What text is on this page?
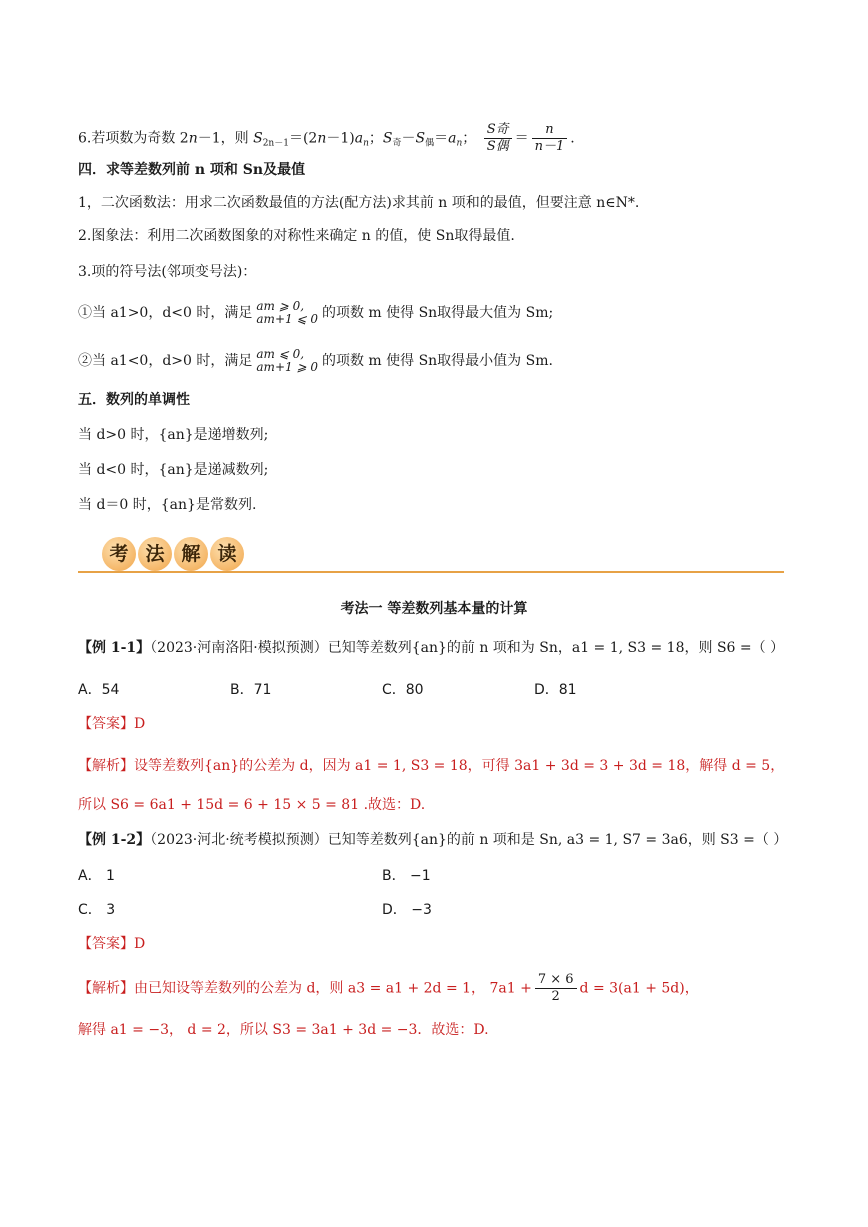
6.若项数为奇数 2n－1，则 $S_{2n-1}=(2n-1)a_n$；$S_奇-S_偶=a_n$； $\frac{\text{S奇}}{\text{S偶}} = \frac{n}{n-1}$ .
四．求等差数列前 n 项和 Sn及最值
1，二次函数法：用求二次函数最值的方法(配方法)求其前 n 项和的最值，但要注意 n∈N*.
2.图象法：利用二次函数图象的对称性来确定 n 的值，使 Sn取得最值.
3.项的符号法(邻项变号法)：
①当 a1>0，d<0 时，满足 am ⩾ 0,
am+1 ⩽ 0 的项数 m 使得 Sn取得最大值为 Sm;
②当 a1<0，d>0 时，满足 am ⩽ 0,
am+1 ⩾ 0 的项数 m 使得 Sn取得最小值为 Sm.
五．数列的单调性
当 d>0 时，{an}是递增数列;
当 d<0 时，{an}是递减数列;
当 d＝0 时，{an}是常数列.
考 法 解 读
考法一 等差数列基本量的计算
【例 1-1】（2023·河南洛阳·模拟预测）已知等差数列{an}的前 n 项和为 Sn，a1 = 1, S3 = 18，则 S6 =（ ）
A．54	B．71	C．80	D．81
【答案】D
【解析】设等差数列{an}的公差为 d，因为 a1 = 1, S3 = 18，可得 3a1 + 3d = 3 + 3d = 18，解得 d = 5，
所以 S6 = 6a1 + 15d = 6 + 15 × 5 = 81 .故选：D.
【例 1-2】（2023·河北·统考模拟预测）已知等差数列{an}的前 n 项和是 Sn, a3 = 1, S7 = 3a6，则 S3 =（ ）
A． 1	B． −1
C． 3	D． −3
【答案】D
【解析】由已知设等差数列的公差为 d，则 a3 = a1 + 2d = 1， $7a1 + \frac{7 \times 6}{2}$ d = 3(a1 + 5d)，
解得 a1 = −3， d = 2，所以 S3 = 3a1 + 3d = −3．故选：D.
